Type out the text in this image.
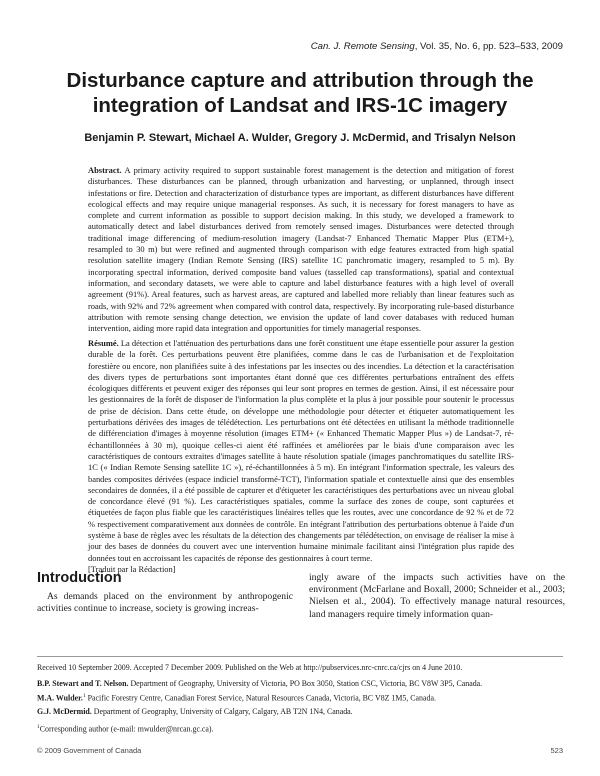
Can. J. Remote Sensing, Vol. 35, No. 6, pp. 523–533, 2009
Disturbance capture and attribution through the
integration of Landsat and IRS-1C imagery
Benjamin P. Stewart, Michael A. Wulder, Gregory J. McDermid, and Trisalyn Nelson
Abstract. A primary activity required to support sustainable forest management is the detection and mitigation of forest disturbances. These disturbances can be planned, through urbanization and harvesting, or unplanned, through insect infestations or fire. Detection and characterization of disturbance types are important, as different disturbances have different ecological effects and may require unique managerial responses. As such, it is necessary for forest managers to have as complete and current information as possible to support decision making. In this study, we developed a framework to automatically detect and label disturbances derived from remotely sensed images. Disturbances were detected through traditional image differencing of medium-resolution imagery (Landsat-7 Enhanced Thematic Mapper Plus (ETM+), resampled to 30 m) but were refined and augmented through comparison with edge features extracted from high spatial resolution satellite imagery (Indian Remote Sensing (IRS) satellite 1C panchromatic imagery, resampled to 5 m). By incorporating spectral information, derived composite band values (tasselled cap transformations), spatial and contextual information, and secondary datasets, we were able to capture and label disturbance features with a high level of overall agreement (91%). Areal features, such as harvest areas, are captured and labelled more reliably than linear features such as roads, with 92% and 72% agreement when compared with control data, respectively. By incorporating rule-based disturbance attribution with remote sensing change detection, we envision the update of land cover databases with reduced human intervention, aiding more rapid data integration and opportunities for timely managerial responses.
Résumé. La détection et l'atténuation des perturbations dans une forêt constituent une étape essentielle pour assurer la gestion durable de la forêt. Ces perturbations peuvent être planifiées, comme dans le cas de l'urbanisation et de l'exploitation forestière ou encore, non planifiées suite à des infestations par les insectes ou des incendies. La détection et la caractérisation des divers types de perturbations sont importantes étant donné que ces différentes perturbations entraînent des effets écologiques différents et peuvent exiger des réponses qui leur sont propres en termes de gestion. Ainsi, il est nécessaire pour les gestionnaires de la forêt de disposer de l'information la plus complète et la plus à jour possible pour soutenir le processus de prise de décision. Dans cette étude, on développe une méthodologie pour détecter et étiqueter automatiquement les perturbations dérivées des images de télédétection. Les perturbations ont été détectées en utilisant la méthode traditionnelle de différenciation d'images à moyenne résolution (images ETM+ (« Enhanced Thematic Mapper Plus ») de Landsat-7, ré-échantillonnées à 30 m), quoique celles-ci aient été raffinées et améliorées par le biais d'une comparaison avec les caractéristiques de contours extraites d'images satellite à haute résolution spatiale (images panchromatiques du satellite IRS-1C (« Indian Remote Sensing satellite 1C »), ré-échantillonnées à 5 m). En intégrant l'information spectrale, les valeurs des bandes composites dérivées (espace indiciel transformé-TCT), l'information spatiale et contextuelle ainsi que des ensembles secondaires de données, il a été possible de capturer et d'étiqueter les caractéristiques des perturbations avec un niveau global de concordance élevé (91 %). Les caractéristiques spatiales, comme la surface des zones de coupe, sont capturées et étiquetées de façon plus fiable que les caractéristiques linéaires telles que les routes, avec une concordance de 92 % et de 72 % respectivement comparativement aux données de contrôle. En intégrant l'attribution des perturbations obtenue à l'aide d'un système à base de règles avec les résultats de la détection des changements par télédétection, on envisage de réaliser la mise à jour des bases de données du couvert avec une intervention humaine minimale facilitant ainsi l'intégration plus rapide des données tout en accroissant les capacités de réponse des gestionnaires à court terme.
[Traduit par la Rédaction]
Introduction

As demands placed on the environment by anthropogenic activities continue to increase, society is growing increas-

ingly aware of the impacts such activities have on the environment (McFarlane and Boxall, 2000; Schneider et al., 2003; Nielsen et al., 2004). To effectively manage natural resources, land managers require timely information quan-

Received 10 September 2009. Accepted 7 December 2009. Published on the Web at http://pubservices.nrc-cnrc.ca/cjrs on 4 June 2010.

B.P. Stewart and T. Nelson. Department of Geography, University of Victoria, PO Box 3050, Station CSC, Victoria, BC V8W 3P5, Canada.

M.A. Wulder.$^1$ Pacific Forestry Centre, Canadian Forest Service, Natural Resources Canada, Victoria, BC V8Z 1M5, Canada.

G.J. McDermid. Department of Geography, University of Calgary, Calgary, AB T2N 1N4, Canada.

$^1$Corresponding author (e-mail: mwulder@nrcan.gc.ca).

© 2009 Government of Canada	523
